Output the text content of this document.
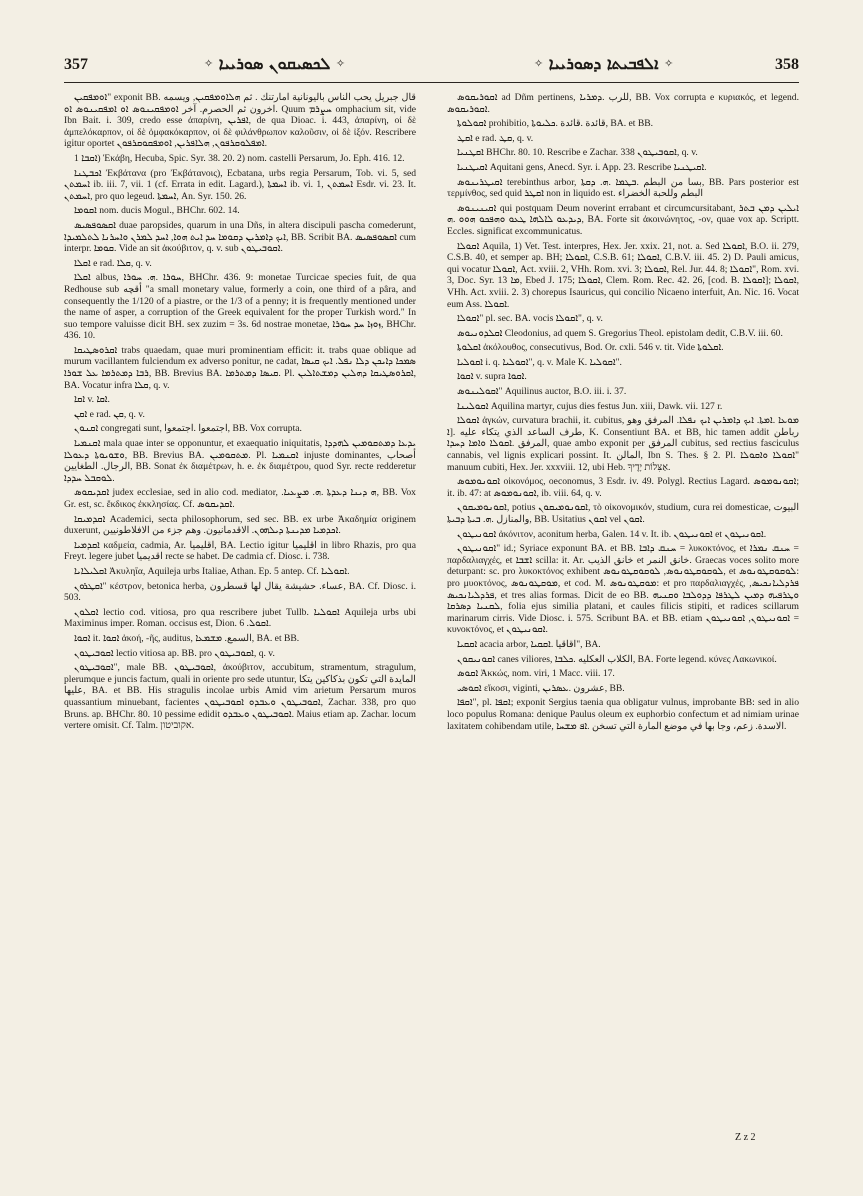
357	✧ ܠܟܣܝܩܘܢ ܣܘܪܝܝܐ ✧	✧ ܐܠܦܒܝܬܐ ܕܣܘܪܝܝܐ ✧	358

ܐܘܡܦܩܝܢ" exponit BB. قال جبريل يحب الناس باليونانية امارتنك . ثم ܗܠܐܘܡܦܩܝܢ, ويسمه اخرون ثم الحصرم. آخر ܐܘܡܦܩܝܢܘܣ ܐܘ ܐܡܦܩܝܢܘܣ ܐܘ. Quum ܚܨܪܡ omphacium sit, vide Ibn Bait. i. 309, credo esse ἀπαρίνη, ܐܦܪܝܢ, de qua Dioac. i. 443, ἀπαρίνη, οἱ δὲ ἀμπελόκαρπον, οἱ δὲ ὀμφακόκαρπον, οἱ δὲ φιλάνθρωπον καλοῦσιν, οἱ δὲ ἰξόν. Rescribere igitur oportet ܐܡܦܠܘܩܪܦܘܢ, ܗܠܐܦܪܝܢ, ܐܘܡܦܩܘܩܪܦܘܢ.

ܐܩܒܐ 1) Ἐκάβη, Hecuba, Spic. Syr. 38. 20. 2) nom. castelli Persarum, Jo. Eph. 416. 12.

ܐܟܒܛܢܐ Ἐκβάτανα (pro Ἐκβάτανοις), Ecbatana, urbs regia Persarum, Tob. vi. 5, sed ܐܚܡܬܢ ib. iii. 7, vii. 1 (cf. Errata in edit. Lagard.), ܐܚܡܬܐ ib. vi. 1, ܐܚܡܬܢ Esdr. vi. 23. It. ܐܚܡܬܢ, pro quo legeud. ܐܚܡܬܐ, An. Syr. 150. 26.

ܐܩܘܡܐ nom. ducis Mogul., BHChr. 602. 14.

ܐܩܣܘܦܣܝܣ duae paropsides, quarum in una Dñs, in altera discipuli pascha comederunt, ܐܝܟ ܕܐܡܪܝܢ ܕܩܘܡܐ ܚܕ ܐܝܬ ܗܘܐ, ܐܚܕ ܠܡܪܢ ܘܐܚܪܢܐ ܠܬܠܡܝܕܐ, BB. Scribit BA. ܐܩܣܘܦܣܝܣ cum interpr. ܩܘܡܐ. Vide an sit ἀκούβιτον, q. v. sub ܐܩܘܒܝܛܘܢ.

ܐܩܠܐ e rad. ܩܠܐ, q. v.

ܐܩܠܐ albus, ܚܘܪܐ .ܗ. ܚܘܪܐ, BHChr. 436. 9: monetae Turcicae species fuit, de qua Redhouse sub أقچه "a small monetary value, formerly a coin, one third of a pâra, and consequently the 1/120 of a piastre, or the 1/3 of a penny; it is frequently mentioned under the name of asper, a corruption of the Greek equivalent for the proper Turkish word." In suo tempore valuisse dicit BH. sex zuzim = 3s. 6d nostrae monetae, ܙܘܙܐ ܚܕ ܚܘܪܐ, BHChr. 436. 10.

ܐܩܪܘܣܛܝܩܐ trabs quaedam, quae muri prominentiam efficit: it. trabs quae oblique ad murum vacillantem fulciendum ex adverso ponitur, ne cadat, ܣܡܟܐ ܕܐܝܟܢ ܕܠܐ ܢܦܠ. ܐܝܟ ܩܝܣܐ ܪܒܐ ܕܡܬܪܡܐ ܥܠ ܫܘܪܐ, BB. Brevius BA. ܩܝܣܐ ܕܡܬܪܡܐ. Pl. ܐܩܪܘܣܛܝܩܐ ܕܗܠܝܢ ܕܡܫܬܐܠܝܢ, BA. Vocatur infra ܩܠܐ, q. v.

ܐܩܐ v. ܐܩܐ.

ܐܩܢ e rad. ܩܢ, q. v.

ܐܩܢܘܢ congregati sunt, اجتمعوا .اجتمعوا, BB. Vox corrupta.

ܐܩܢܡܝܐ mala quae inter se opponuntur, et exaequatio iniquitatis, ܝܕܥܐ ܕܡܬܩܘܡܝܢ ܠܗܕܕܐ ܘܫܘܝܘܬܐ ܕܥܘܠܐ, BB. Brevius BA. ܡܬܩܘܡܝܢ. Pl. ܐܩܢܡܝܐ injuste dominantes, أصحاب الرجال. الطغايين, BB. Sonat ἐκ διαμέτρων, h. e. ἐκ διαμέτρου, quod Syr. recte redderetur ܠܘܩܒܠ ܚܕܕܐ.

ܐܩܕܝܩܘܣ judex ecclesiae, sed in alio cod. mediator, .ܗ ܕܝܢܐ ܕܥܕܬܐ .ܗ. ܡܨܥܝܐ, BB. Vox Gr. est, sc. ἔκδικος ἐκκλησίας. Cf. ܐܩܕܝܩܘܣ.

ܐܩܕܡܝܩܐ Academici, secta philosophorum, sed sec. BB. ex urbe Ἀκαδημία originem duxerunt, ܐܟܕܡܝܐ ܡܕܝܢܬܐ ܕܝܠܗܘܢ. الاقدمانيون. وهم جزء من الافلاطونيين.

ܐܩܕܡܝܐ καδμεία, cadmia, Ar. اقليميا, BA. Lectio igitur اقليميا in libro Rhazis, pro qua Freyt. legere jubet اقديميا recte se habet. De cadmia cf. Diosc. i. 738.

ܐܩܠܝܠܐܝܐ Ἀκυληΐα, Aquileja urbs Italiae, Athan. Ep. 5 antep. Cf. ܐܩܘܠܝܐ.

ܐܩܛܪܘܢ" κέστρον, betonica herba, عساء. حشيشة يقال لها قسطرون, BA. Cf. Diosc. i. 503.

ܐܩܠܘܢ lectio cod. vitiosa, pro qua rescribere jubet Tullb. ܐܩܘܠܝܐ Aquileja urbs ubi Maximinus imper. Roman. occisus est, Dion. ܐܩܘܠ. 6.

ܐܩܘܐ it. ܐܩܘܐ ἀκοή, -ῆς, auditus, السمع. ܡܫܡܥܐ, BA. et BB.

ܐܩܘܒܝܛܘܢ lectio vitiosa ap. BB. pro ܐܩܘܒܝܛܘܢ, q. v.

ܐܩܘܒܝܛܘܢ", male BB. ܐܩܘܒܝܛܘܢ, ἀκούβιτον, accubitum, stramentum, stragulum, plerumque e juncis factum, quali in oriente pro sede utuntur, المايدة التي تكون بذكاكين يتكا عليها, BA. et BB. His stragulis incolae urbis Amid vim arietum Persarum muros quassantium minuebant, facientes ܐܩܘܒܝܛܘܢ ܘܥܒܕܘ ܐܩܘܒܝܛܘܢ, Zachar. 338, pro quo Bruns. ap. BHChr. 80. 10 pessime edidit ܐܩܘܒܝܛܘܢ ܘܥܒܕܘ. Maius etiam ap. Zachar. locum vertere omisit. Cf. Talm. אקוביטון.

ܐܩܘܪܝܩܘܣ ad Dñm pertinens, للرب .ܕܡܪܝܐ, BB. Vox corrupta e κυριακός, et legend. ܐܩܘܪܝܩܘܣ.

ܐܩܘܠܘܬܐ prohibitio, قائدة .قائدة .ܟܠܝܘܬܐ, BA. et BB.

ܐܩܛ e rad. ܩܛ, q. v.

ܐܩܛܢܝܐ BHChr. 80. 10. Rescribe e Zachar. 338 ܐܩܘܒܝܛܘܢ, q. v.

ܐܩܝܛܢܝܐ Aquitani gens, Anecd. Syr. i. App. 23. Rescribe ܐܩܝܛܢܝܐ.

ܐܩܝܛܪܝܢܘܣ terebinthus arbor, بسا من البطم .ܒܛܡܐ .ܗ. ܕܩܬܐ, BB. Pars posterior est τερμίνθος, sed quid ܐܩܛܪ non in liquido est. البطم وللحبة الخضراء

ܐܩܝܢܝܢܘܣ qui postquam Deum noverint errabant et circumcursitabant, ܐܝܠܝܢ ܕܡܢ ܒܬܪ ܕܝܕܥܘ ܠܐܠܗܐ ܛܥܘ ܘܗܦܟܘ ܗܘܘ .ܗ, BA. Forte sit ἀκοινώνητος, -ον, quae vox ap. Scriptt. Eccles. significat excommunicatus.

ܐܩܘܠܐ Aquila, 1) Vet. Test. interpres, Hex. Jer. xxix. 21, not. a. Sed ܐܩܘܠܐ, B.O. ii. 279, C.S.B. 40, et semper ap. BH; ܐܩܘܠܐ, C.S.B. 61; ܐܩܘܠܐ, C.B.V. iii. 45. 2) D. Pauli amicus, qui vocatur ܐܩܘܠܐ, Act. xviii. 2, VHh. Rom. xvi. 3; ܐܩܘܠܐ, Rel. Jur. 44. 8; ܐܩܘܠܐ", Rom. xvi. 3, Doc. Syr. ܡܐ 13, Ebed J. 175; ܐܩܘܠܐ, Clem. Rom. Rec. 42. 26, [cod. B. ܐܩܘܠܐ]; ܐܩܘܠܐ, VHh. Act. xviii. 2. 3) chorepus Isauricus, qui concilio Nicaeno interfuit, An. Nic. 16. Vocat eum Ass. ܐܩܘܠܐ.

ܐܩܘܠܐ" pl. sec. BA. vocis ܐܩܘܠܐ", q. v.

ܐܩܠܕܘܢܝܘܣ Cleodonius, ad quem S. Gregorius Theol. epistolam dedit, C.B.V. iii. 60.

ܐܩܠܘܬܐ ἀκόλουθος, consecutivus, Bod. Or. cxli. 546 v. tit. Vide ܐܩܠܘܬܐ.

ܐܩܘܠܝܐ i. q. ܐܩܘܠܝܐ", q. v. Male K. ܐܩܘܠܝܐ".

ܐܩܘܐ v. supra ܐܩܘܐ.

ܐܩܘܠܝܢܘܣ" Aquilinus auctor, B.O. iii. i. 37.

ܐܩܘܠܝܢܐ Aquilina martyr, cujus dies festus Jun. xiii, Dawk. vii. 127 r.

ܐܩܘܠܐ ἀγκών, curvatura brachii, it. cubitus, ܡܘܥܐ .ܐܡܬܐ. ܐܝܟ ܕܐܡܪܝܢ ܐܝܟ ܢܦܠܐ. المرفق وهو طرف الساعد الذي يتكاء عليه .[ܐ, K. Consentiunt BA. et BB, hic tamen addit رباطن المرفق .ܐܩܘܠܐ ܘܐܡܐ ܕܚܕܐ, quae ambo exponit per المرفق cubitus, sed rectius fasciculus cannabis, vel lignis explicari possint. It. المالن, Ibn S. Thes. § 2. Pl. ܐܩܘܠܐ ܘܐܩܘܠܐ" manuum cubiti, Hex. Jer. xxxviii. 12, ubi Heb. אַצִּלוֹת יָדֶיךָ.

ܐܩܘܢܘܡܘܣ οἰκονόμος, oeconomus, 3 Esdr. iv. 49. Polygl. Rectius Lagard. ܐܩܘܢܘܡܘܣ; it. ib. 47: at ܐܩܘܢܘܡܘܣ, ib. viii. 64, q. v.

ܐܩܘܢܘܡܝܩܘܢ, potius ܐܩܘܢܘܡܝܩܘܢ, τὸ οἰκονομικόν, studium, cura rei domesticae, البيوت والمنازل .ܗ. ܒܝܬܐ ܕܒܝܬܐ, BB. Usitatius ܐܩܘܢ vel ܐܩܘܢ.

ܐܩܘܢܝܛܘܢ ἀκόνιτον, aconitum herba, Galen. 14 v. It. ib. ܐܩܘܢܝܛܘܢ et ܐܩܘܢܝܛܘܢ.

ܐܩܘܢܝܛܘܢ" id.; Syriace exponunt BA. et BB. ܚܢܩ ܕܐܒܐ = λυκοκτόνος, et ܚܢܩ ܢܡܪܐ = παρδαλιαγχές, et ܐܫܒܐ scilla: it. Ar. خانق الذيب et خانق النمر. Graecas voces solito more deturpant: sc. pro λυκοκτόνος exhibent ܠܘܩܘܩܛܘܢܘܣ, ܠܘܩܘܩܛܘܢܘܣ, et ܠܘܩܘܩܛܘܢܘܣ: pro μυοκτόνος, ܡܘܩܛܘܢܘܣ, et cod. M. ܡܘܩܛܘܢܘܣ: et pro παρδαλιαγχές, ܦܪܕܠܝܐܢܟܝܣ, ܦܪܕܠܝܐܢܟܝܣ, et tres alias formas. Dicit de eo BB. ܘܛܪܦܝܗ ܕܡܝܢ ܠܛܪܦܐ ܕܕܘܠܒܐ ܘܩܢܝܗ ܠܩܢܝܐ ܕܣܪܩܐ, folia ejus similia platani, et caules filicis stipiti, et radices scillarum marinarum cirris. Vide Diosc. i. 575. Scribunt BA. et BB. etiam ܐܩܘܢܝܛܘܢ, ܐܩܘܢܝܛܘܢ = κυνοκτόνος, et ܐܩܘܢܝܛܘܢ.

ܐܩܩܝܐ acacia arbor, اقاقيا .ܐܩܩܝܐ", BA.

ܐܩܘܢܝܩܘܢ canes viliores, الكلاب العكليه .ܟܠܒܐ, BA. Forte legend. κύνες Λακωνικοί.

ܐܩܘܣ Ἀκκώς, nom. viri, 1 Macc. viii. 17.

ܐܩܘܣܝ εἴκοσι, viginti, عشرون .ܥܣܪܝܢ, BB.

ܐܩܦܐ", pl. ܐܩܦܐ; exponit Sergius taenia qua obligatur vulnus, improbante BB: sed in alio loco populus Romana: denique Paulus oleum ex euphorbio confectum et ad nimiam urinae laxitatem cohibendam utile, الاسدة. زعم، وجا بها في موضع المارة التي تسخن .ܐܦ ܡܫܚܐ.

Z z 2
